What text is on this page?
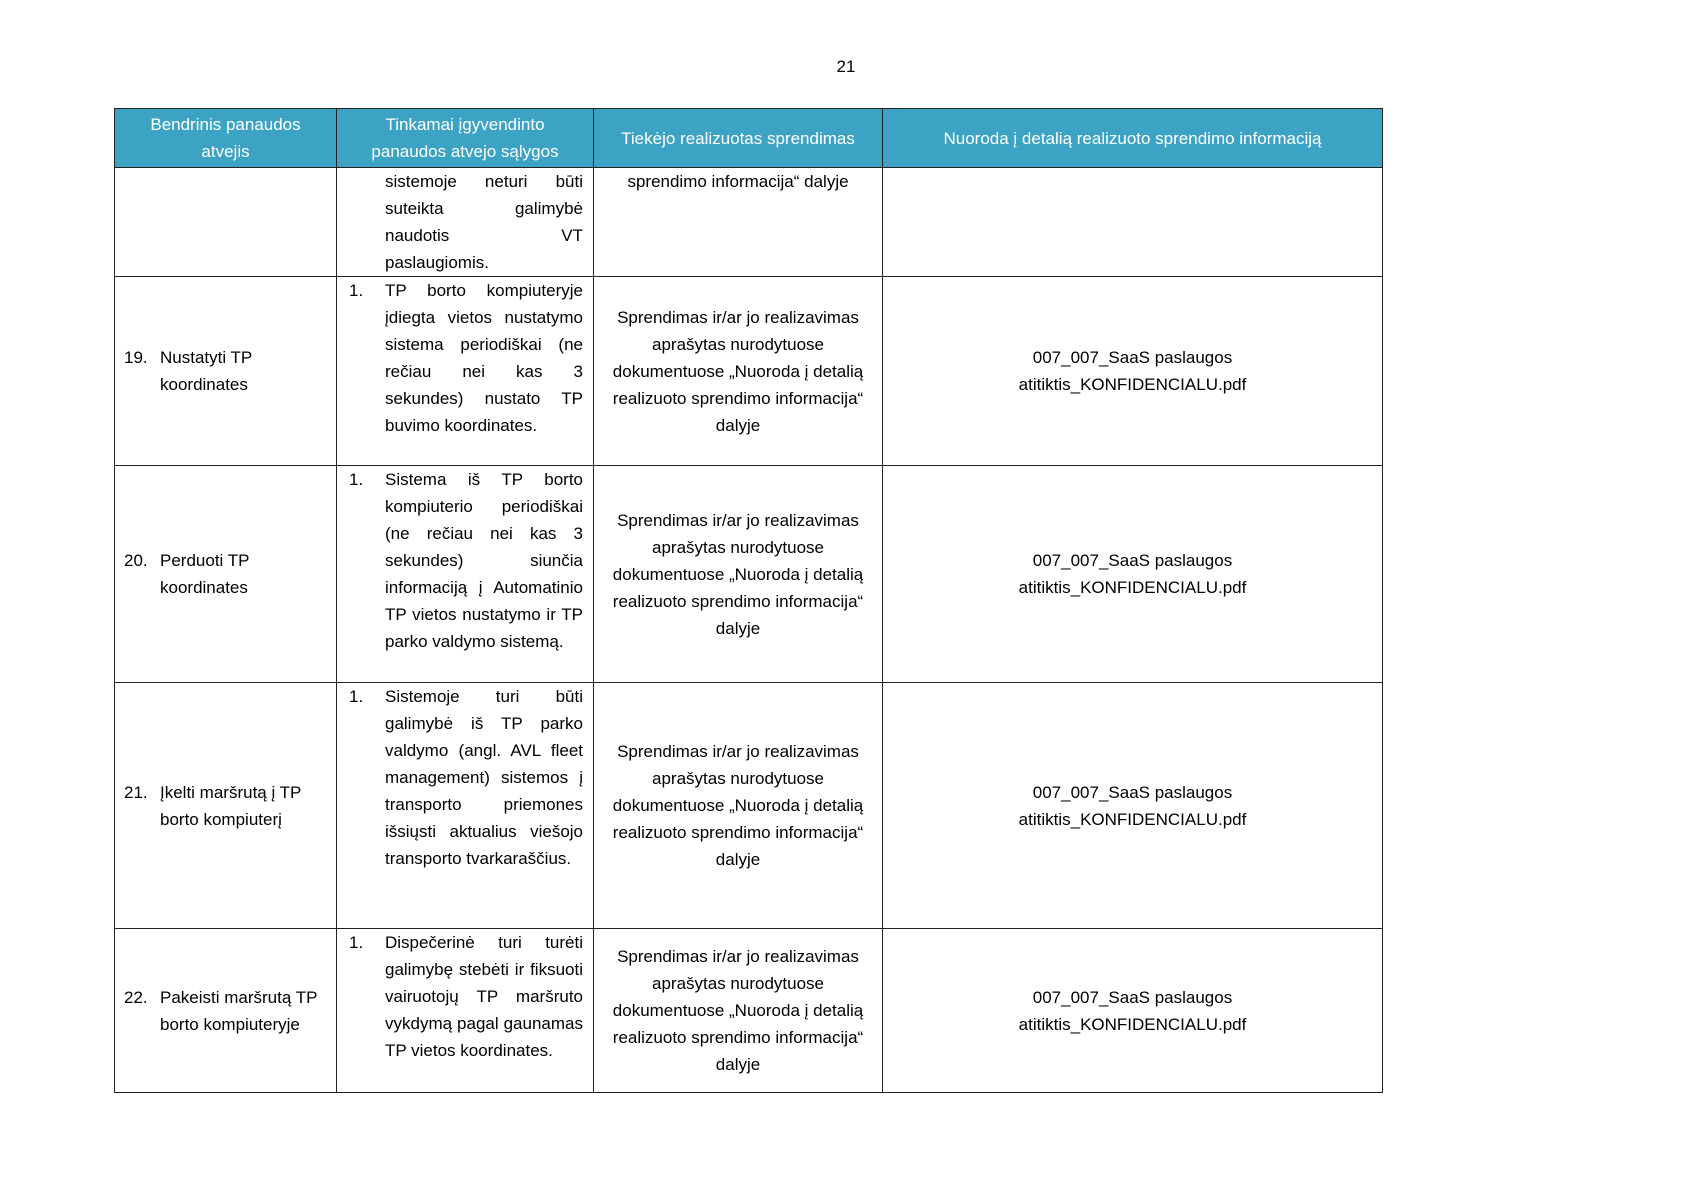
21
Bendrinis panaudos atvejis	Tinkamai įgyvendinto panaudos atvejo sąlygos	Tiekėjo realizuotas sprendimas	Nuoroda į detalią realizuoto sprendimo informaciją

	sistemoje neturi būti suteikta galimybė naudotis VT paslaugiomis.	sprendimo informacija“ dalyje	

19. Nustatyti TP koordinates	1. TP borto kompiuteryje įdiegta vietos nustatymo sistema periodiškai (ne rečiau nei kas 3 sekundes) nustato TP buvimo koordinates.	Sprendimas ir/ar jo realizavimas aprašytas nurodytuose dokumentuose „Nuoroda į detalią realizuoto sprendimo informacija“ dalyje	007_007_SaaS paslaugos atitiktis_KONFIDENCIALU.pdf

20. Perduoti TP koordinates	1. Sistema iš TP borto kompiuterio periodiškai (ne rečiau nei kas 3 sekundes) siunčia informaciją į Automatinio TP vietos nustatymo ir TP parko valdymo sistemą.	Sprendimas ir/ar jo realizavimas aprašytas nurodytuose dokumentuose „Nuoroda į detalią realizuoto sprendimo informacija“ dalyje	007_007_SaaS paslaugos atitiktis_KONFIDENCIALU.pdf

21. Įkelti maršrutą į TP borto kompiuterį	1. Sistemoje turi būti galimybė iš TP parko valdymo (angl. AVL fleet management) sistemos į transporto priemones išsiųsti aktualius viešojo transporto tvarkaraščius.	Sprendimas ir/ar jo realizavimas aprašytas nurodytuose dokumentuose „Nuoroda į detalią realizuoto sprendimo informacija“ dalyje	007_007_SaaS paslaugos atitiktis_KONFIDENCIALU.pdf

22. Pakeisti maršrutą TP borto kompiuteryje	1. Dispečerinė turi turėti galimybę stebėti ir fiksuoti vairuotojų TP maršruto vykdymą pagal gaunamas TP vietos koordinates.	Sprendimas ir/ar jo realizavimas aprašytas nurodytuose dokumentuose „Nuoroda į detalią realizuoto sprendimo informacija“ dalyje	007_007_SaaS paslaugos atitiktis_KONFIDENCIALU.pdf
